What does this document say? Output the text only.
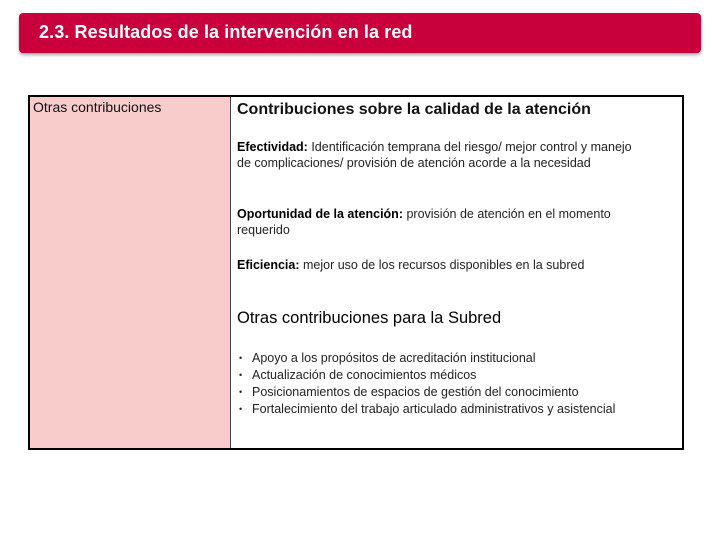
2.3. Resultados de la intervención en la red
Otras contribuciones	Contribuciones sobre la calidad de la atención
Efectividad: Identificación temprana del riesgo/ mejor control y manejo de complicaciones/ provisión de atención acorde a la necesidad
Oportunidad de la atención: provisión de atención en el momento requerido
Eficiencia: mejor uso de los recursos disponibles en la subred
Otras contribuciones para la Subred
• Apoyo a los propósitos de acreditación institucional
• Actualización de conocimientos médicos
• Posicionamientos de espacios de gestión del conocimiento
• Fortalecimiento del trabajo articulado administrativos y asistencial
